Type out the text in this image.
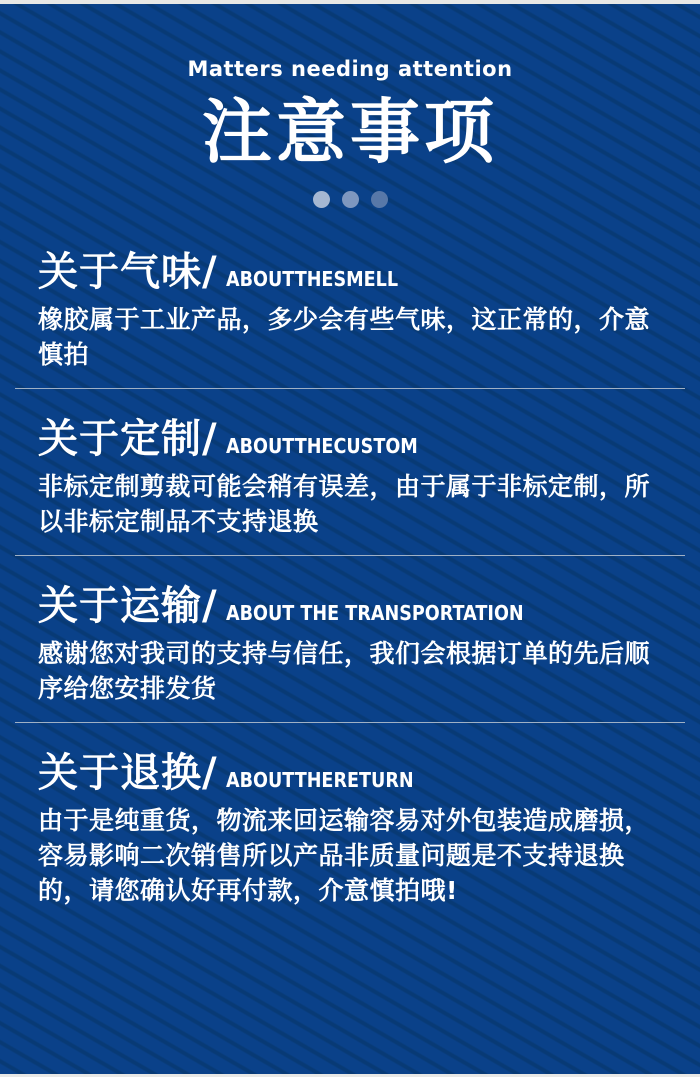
Matters needing attention
注意事项
关于气味/ ABOUTTHESMELL

橡胶属于工业产品，多少会有些气味，这正常的，介意慎拍

关于定制/ ABOUTTHECUSTOM

非标定制剪裁可能会稍有误差，由于属于非标定制，所以非标定制品不支持退换

关于运输/ ABOUT THE TRANSPORTATION

感谢您对我司的支持与信任，我们会根据订单的先后顺序给您安排发货

关于退换/ ABOUTTHERETURN

由于是纯重货，物流来回运输容易对外包装造成磨损，容易影响二次销售所以产品非质量问题是不支持退换的，请您确认好再付款，介意慎拍哦!
